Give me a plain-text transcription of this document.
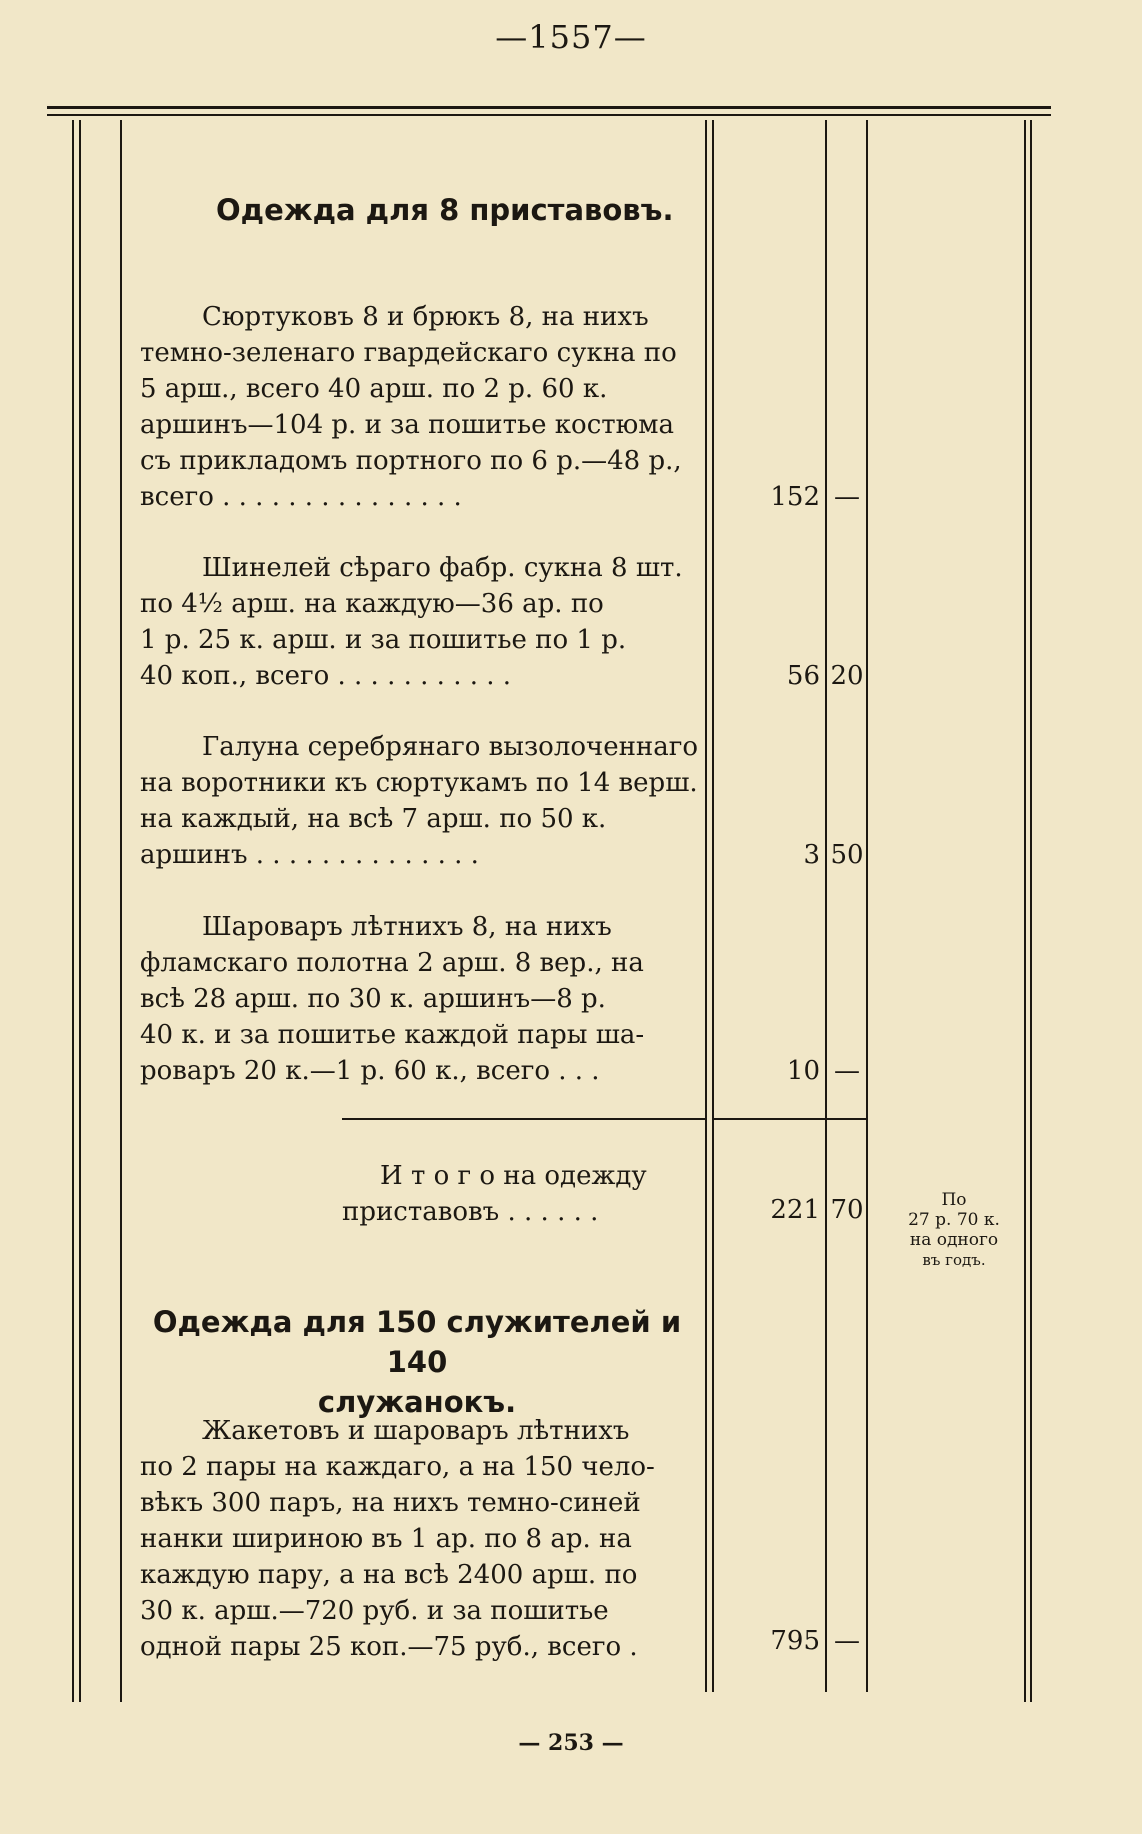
—1557—
Одежда для 8 приставовъ.
Сюртуковъ 8 и брюкъ 8, на нихъ
темно-зеленаго гвардейскаго сукна по
5 арш., всего 40 арш. по 2 р. 60 к.
аршинъ—104 р. и за пошитье костюма
съ прикладомъ портного по 6 р.—48 р.,
всего . . . . . . . . . . . . . . .	152 —
Шинелей сѣраго фабр. сукна 8 шт.
по 4½ арш. на каждую—36 ар. по
1 р. 25 к. арш. и за пошитье по 1 р.
40 коп., всего . . . . . . . . . . .	56 20
Галуна серебрянаго вызолоченнаго
на воротники къ сюртукамъ по 14 верш.
на каждый, на всѣ 7 арш. по 50 к.
аршинъ . . . . . . . . . . . . . .	3 50
Шароваръ лѣтнихъ 8, на нихъ
фламскаго полотна 2 арш. 8 вер., на
всѣ 28 арш. по 30 к. аршинъ—8 р.
40 к. и за пошитье каждой пары ша-
роваръ 20 к.—1 р. 60 к., всего . . .	10 —
И т о г о на одежду
приставовъ . . . . . .	221 70	По
27 р. 70 к.
на одного
въ годъ.
Одежда для 150 служителей и 140
служанокъ.
Жакетовъ и шароваръ лѣтнихъ
по 2 пары на каждаго, а на 150 чело-
вѣкъ 300 паръ, на нихъ темно-синей
нанки шириною въ 1 ар. по 8 ар. на
каждую пару, а на всѣ 2400 арш. по
30 к. арш.—720 руб. и за пошитье
одной пары 25 коп.—75 руб., всего .	795 —
— 253 —
